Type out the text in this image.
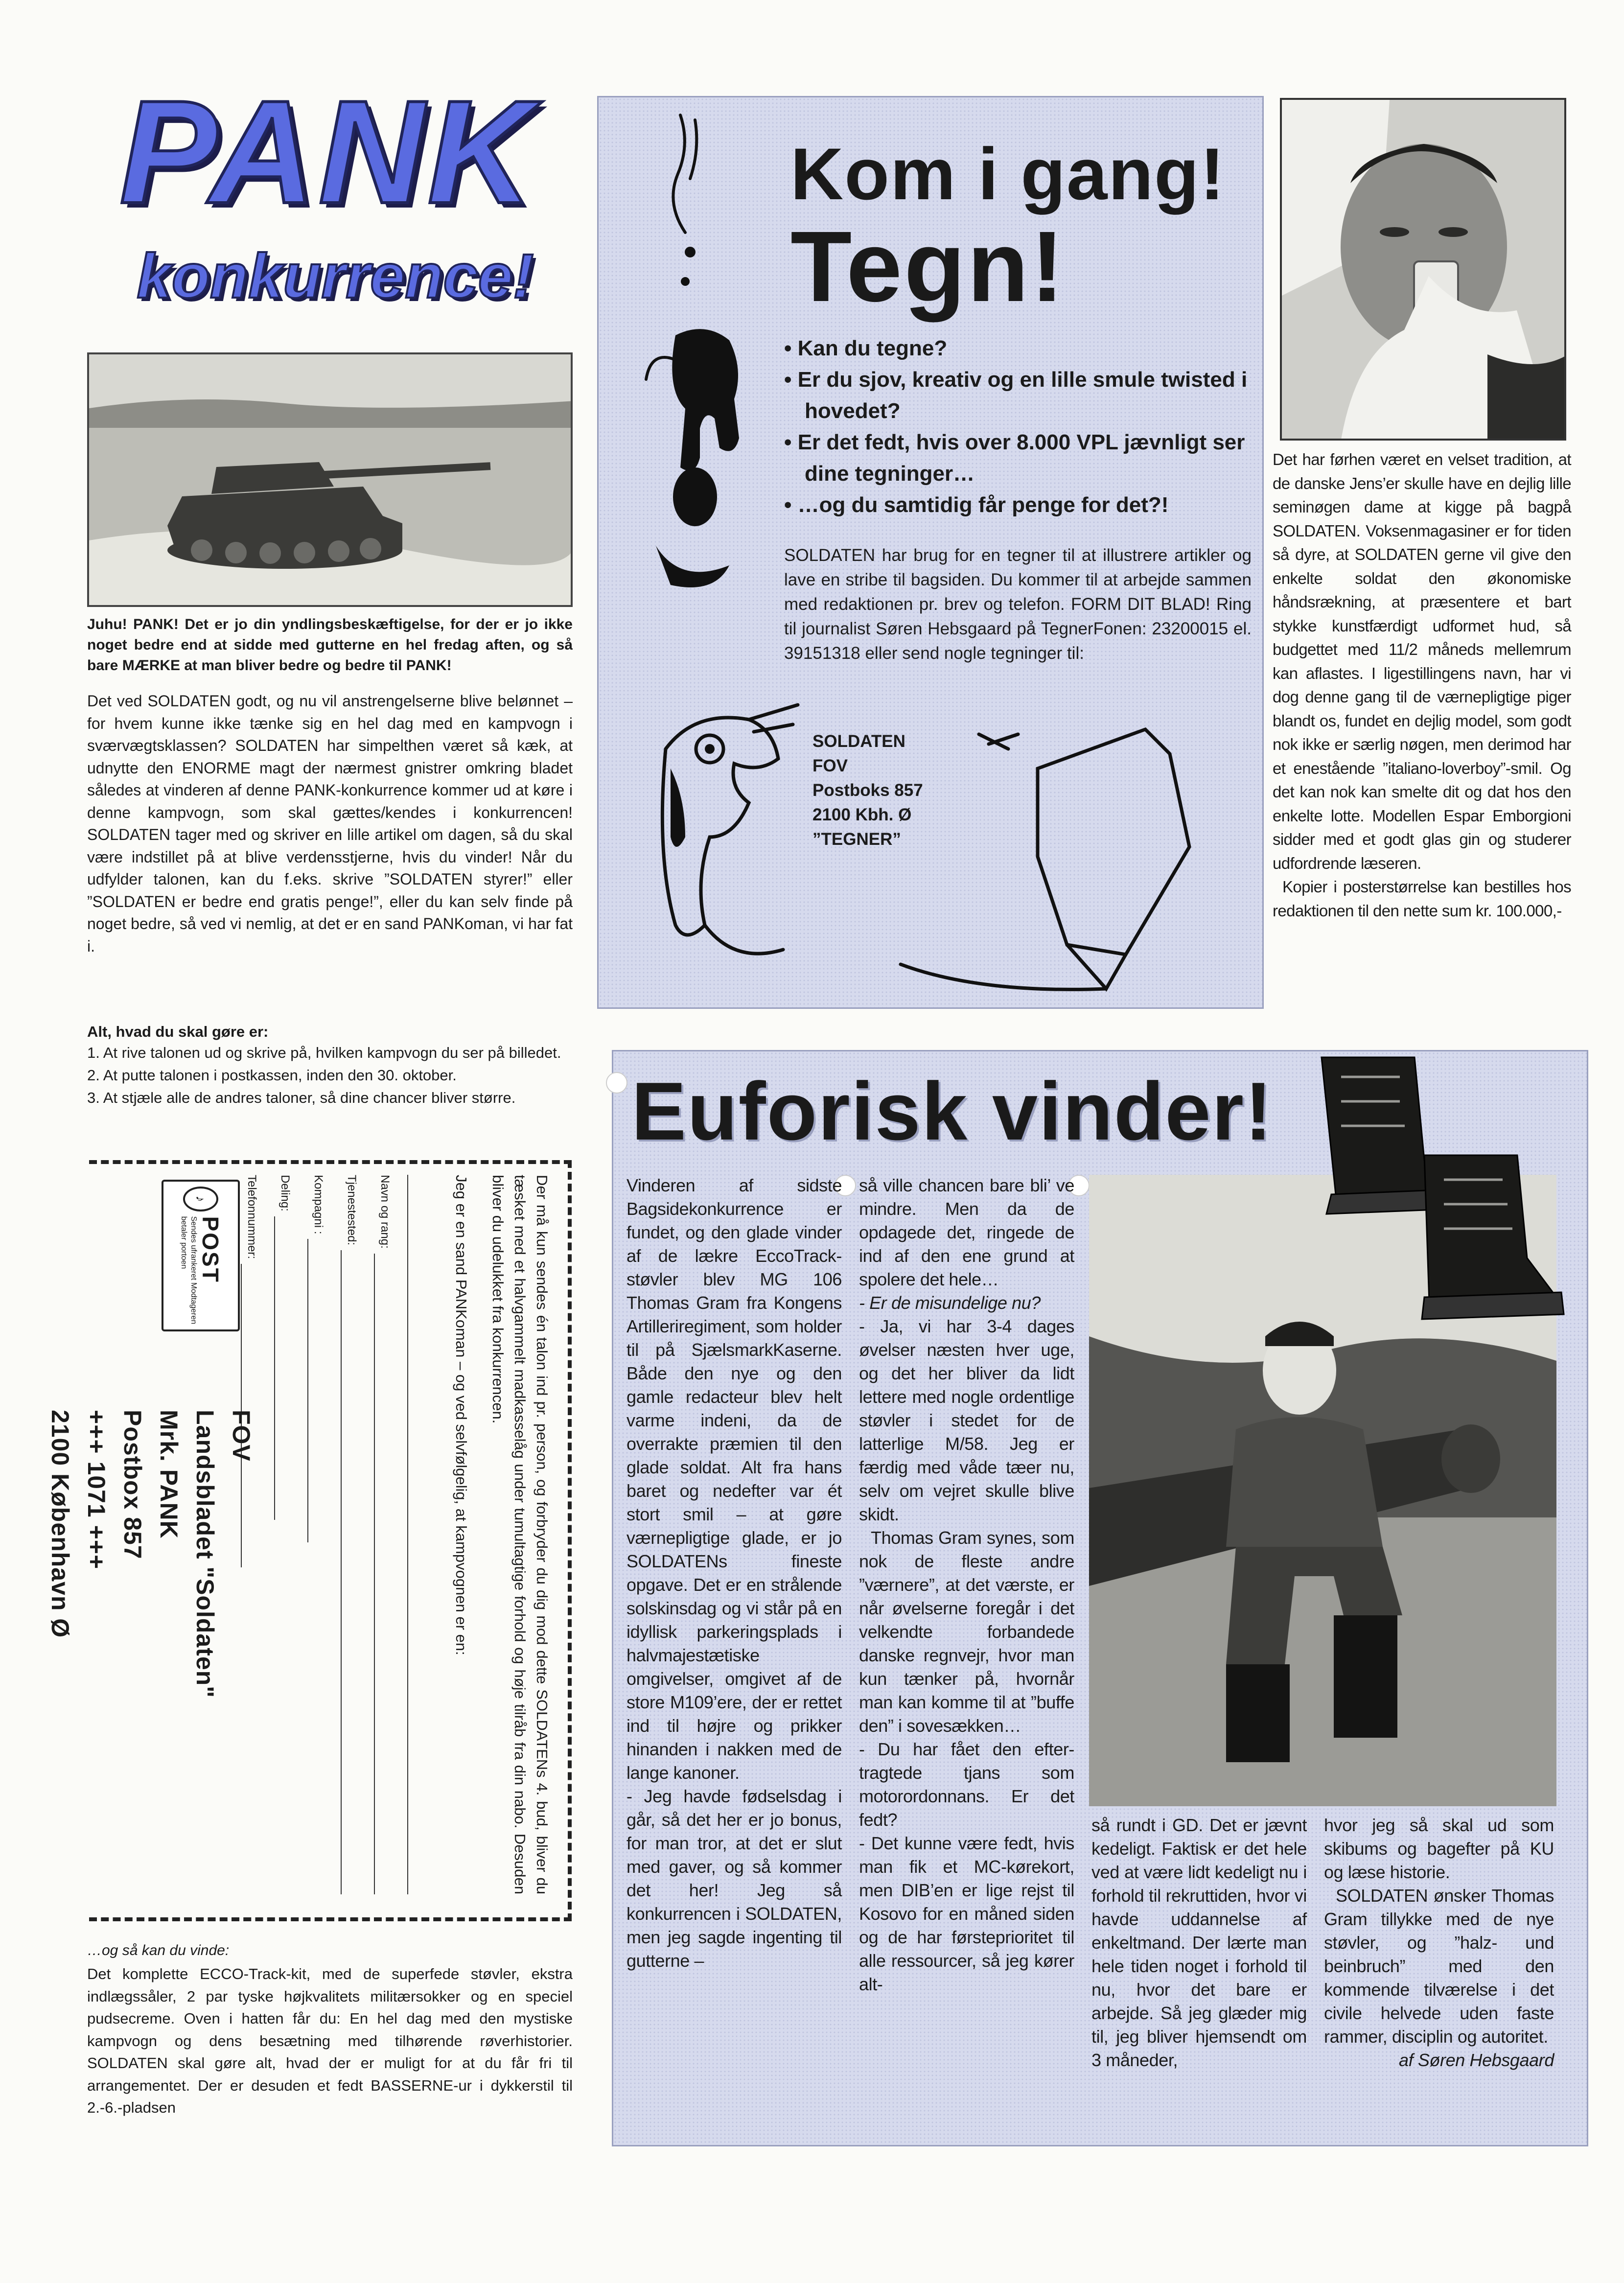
PANK
konkurrence!

Juhu! PANK! Det er jo din yndlingsbeskæftigelse, for der er jo ikke noget bedre end at sidde med gutterne en hel fredag aften, og så bare MÆRKE at man bliver bedre og bedre til PANK!

Det ved SOLDATEN godt, og nu vil anstrengelserne blive belønnet – for hvem kunne ikke tænke sig en hel dag med en kampvogn i sværvægtsklassen? SOLDATEN har simpelthen været så kæk, at udnytte den ENORME magt der nærmest gnistrer omkring bladet således at vinderen af denne PANK-konkurrence kommer ud at køre i denne kampvogn, som skal gættes/kendes i konkurrencen! SOLDATEN tager med og skriver en lille artikel om dagen, så du skal være indstillet på at blive verdensstjerne, hvis du vinder! Når du udfylder talonen, kan du f.eks. skrive ”SOLDATEN styrer!” eller ”SOLDATEN er bedre end gratis penge!”, eller du kan selv finde på noget bedre, så ved vi nemlig, at det er en sand PANKoman, vi har fat i.

Alt, hvad du skal gøre er:
1. At rive talonen ud og skrive på, hvilken kampvogn du ser på billedet.
2. At putte talonen i postkassen, inden den 30. oktober.
3. At stjæle alle de andres taloner, så dine chancer bliver større.

Der må kun sendes én talon ind pr. person, og forbryder du dig mod dette SOLDATENs 4. bud, bliver du tæsket med et halvgammelt madkasselåg under tumultagtige forhold og høje tilråb fra din nabo. Desuden bliver du udelukket fra konkurrencen.

Jeg er en sand PANKoman – og ved selvfølgelig, at kampvognen er en:

Navn og rang:
Tjenestested:
Kompagni :
Deling:
Telefonnummer:
FOV
Landsbladet "Soldaten"
Mrk. PANK
Postbox 857
+++ 1071 +++
2100 København Ø
♪
POST
Sendes ufrankeret Modtageren betaler portoen
…og så kan du vinde:

Det komplette ECCO-Track-kit, med de superfede støvler, ekstra indlægssåler, 2 par tyske højkvalitets militærsokker og en speciel pudsecreme. Oven i hatten får du: En hel dag med den mystiske kampvogn og dens besætning med tilhørende røverhistorier. SOLDATEN skal gøre alt, hvad der er muligt for at du får fri til arrangementet. Der er desuden et fedt BASSERNE-ur i dykkerstil til 2.-6.-pladsen

Kom i gang!
Tegn!
• Kan du tegne?
• Er du sjov, kreativ og en lille smule twisted i hovedet?
• Er det fedt, hvis over 8.000 VPL jævnligt ser dine tegninger…
• …og du samtidig får penge for det?!

SOLDATEN har brug for en tegner til at illustrere artikler og lave en stribe til bagsiden. Du kommer til at arbejde sammen med redaktionen pr. brev og telefon. FORM DIT BLAD! Ring til journalist Søren Hebsgaard på TegnerFonen: 23200015 el. 39151318 eller send nogle tegninger til:

SOLDATEN
FOV
Postboks 857
2100 Kbh. Ø
”TEGNER”

Det har førhen været en velset tradition, at de danske Jens’er skulle have en dejlig lille seminøgen dame at kigge på bagpå SOLDATEN. Voksenmagasiner er for tiden så dyre, at SOLDATEN gerne vil give den enkelte soldat den økonomiske håndsrækning, at præsentere et bart stykke kunstfærdigt udformet hud, så budgettet med 11/2 måneds mellemrum kan aflastes. I ligestillingens navn, har vi dog denne gang til de værnepligtige piger blandt os, fundet en dejlig model, som godt nok ikke er særlig nøgen, men derimod har et enestående ”italiano-loverboy”-smil. Og det kan nok kan smelte dit og dat hos den enkelte lotte. Modellen Espar Emborgioni sidder med et godt glas gin og studerer udfordrende læseren.
Kopier i posterstørrelse kan bestilles hos redaktionen til den nette sum kr. 100.000,-

Euforisk vinder!

Vinderen af sidste Bagsidekonkurrence er fundet, og den glade vinder af de lækre EccoTrack-støvler blev MG 106 Thomas Gram fra Kongens Artilleriregiment, som holder til på SjælsmarkKaserne. Både den nye og den gamle redacteur blev helt varme indeni, da de overrakte præmien til den glade soldat. Alt fra hans baret og nedefter var ét stort smil – at gøre værnepligtige glade, er jo SOLDATENs fineste opgave. Det er en strålende solskinsdag og vi står på en idyllisk parkeringsplads i halvmajestætiske omgivelser, omgivet af de store M109’ere, der er rettet ind til højre og prikker hinanden i nakken med de lange kanoner.

- Jeg havde fødselsdag i går, så det her er jo bonus, for man tror, at det er slut med gaver, og så kommer det her! Jeg så konkurrencen i SOLDATEN, men jeg sagde ingenting til gutterne –

så ville chancen bare bli’ ve mindre. Men da de opdagede det, ringede de ind af den ene grund at spolere det hele…

- Er de misundelige nu?

- Ja, vi har 3-4 dages øvelser næsten hver uge, og det her bliver da lidt lettere med nogle ordentlige støvler i stedet for de latterlige M/58. Jeg er færdig med våde tæer nu, selv om vejret skulle blive skidt.

Thomas Gram synes, som nok de fleste andre ”værnere”, at det værste, er når øvelserne foregår i det velkendte forbandede danske regnvejr, hvor man kun tænker på, hvornår man kan komme til at ”buffe den” i sovesækken…

- Du har fået den efter-tragtede tjans som motorordonnans. Er det fedt?

- Det kunne være fedt, hvis man fik et MC-kørekort, men DIB’en er lige rejst til Kosovo for en måned siden og de har førsteprioritet til alle ressourcer, så jeg kører alt-

så rundt i GD. Det er jævnt kedeligt. Faktisk er det hele ved at være lidt kedeligt nu i forhold til rekruttiden, hvor vi havde uddannelse af enkeltmand. Der lærte man hele tiden noget i forhold til nu, hvor det bare er arbejde. Så jeg glæder mig til, jeg bliver hjemsendt om 3 måneder,

hvor jeg så skal ud som skibums og bagefter på KU og læse historie.

SOLDATEN ønsker Thomas Gram tillykke med de nye støvler, og ”halz- und beinbruch” med den kommende tilværelse i det civile helvede uden faste rammer, disciplin og autoritet.

af Søren Hebsgaard
